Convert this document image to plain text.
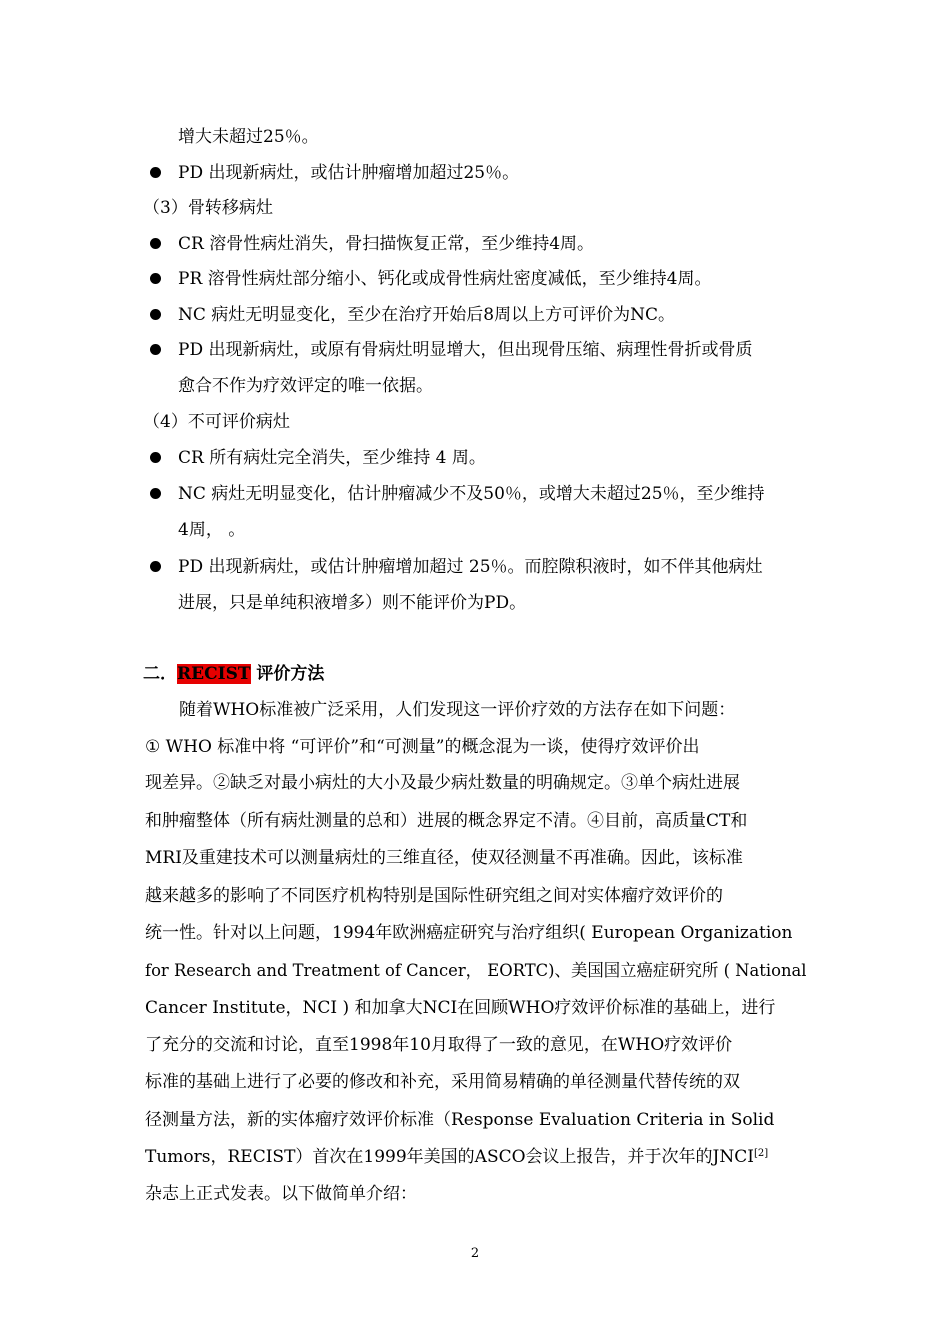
增大未超过25％。
PD 出现新病灶，或估计肿瘤增加超过25％。
（3）骨转移病灶
CR 溶骨性病灶消失，骨扫描恢复正常，至少维持4周。
PR 溶骨性病灶部分缩小、钙化或成骨性病灶密度减低，至少维持4周。
NC 病灶无明显变化，至少在治疗开始后8周以上方可评价为NC。
PD 出现新病灶，或原有骨病灶明显增大，但出现骨压缩、病理性骨折或骨质
愈合不作为疗效评定的唯一依据。
（4）不可评价病灶
CR 所有病灶完全消失，至少维持 4 周。
NC 病灶无明显变化，估计肿瘤减少不及50％，或增大未超过25％，至少维持
4周， 。
PD 出现新病灶，或估计肿瘤增加超过 25％。而腔隙积液时，如不伴其他病灶
进展，只是单纯积液增多）则不能评价为PD。
二．RECIST 评价方法
　　随着WHO标准被广泛采用，人们发现这一评价疗效的方法存在如下问题：
① WHO 标准中将 “可评价”和“可测量”的概念混为一谈，使得疗效评价出
现差异。②缺乏对最小病灶的大小及最少病灶数量的明确规定。③单个病灶进展
和肿瘤整体（所有病灶测量的总和）进展的概念界定不清。④目前，高质量CT和
MRI及重建技术可以测量病灶的三维直径，使双径测量不再准确。因此，该标准
越来越多的影响了不同医疗机构特别是国际性研究组之间对实体瘤疗效评价的
统一性。针对以上问题，1994年欧洲癌症研究与治疗组织( European Organization
for Research and Treatment of Cancer， EORTC)、美国国立癌症研究所 ( National
Cancer Institute，NCI ) 和加拿大NCI在回顾WHO疗效评价标准的基础上，进行
了充分的交流和讨论，直至1998年10月取得了一致的意见，在WHO疗效评价
标准的基础上进行了必要的修改和补充，采用简易精确的单径测量代替传统的双
径测量方法，新的实体瘤疗效评价标准（Response Evaluation Criteria in Solid
Tumors，RECIST）首次在1999年美国的ASCO会议上报告，并于次年的JNCI[2]
杂志上正式发表。以下做简单介绍：
2
